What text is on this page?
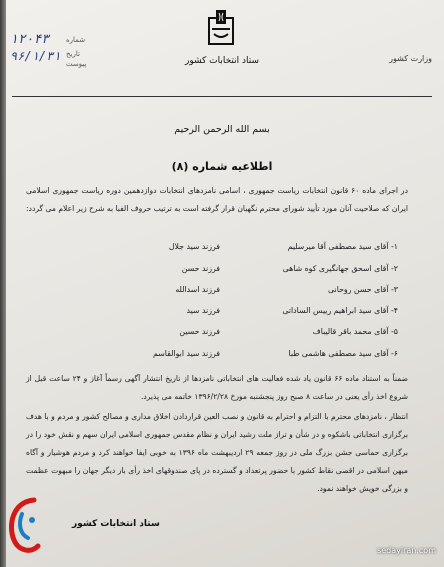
۱۲۰۴۳ شماره
۹۶/۱/۳۱ تاریخ
پیوست	ستاد انتخابات کشور	وزارت کشور
بسم الله الرحمن الرحیم
اطلاعیه شماره (۸)
در اجرای ماده ۶۰ قانون انتخابات ریاست جمهوری ، اسامی نامزدهای انتخابات دوازدهمین دوره ریاست جمهوری اسلامی ایران که صلاحیت آنان مورد تأیید شورای محترم نگهبان قرار گرفته است به ترتیب حروف الفبا به شرح زیر اعلام می گردد:
۱- آقای سید مصطفی آقا میرسلیم
فرزند سید جلال
۲- آقای اسحق جهانگیری کوه شاهی
فرزند حسن
۳- آقای حسن روحانی
فرزند اسدالله
۴- آقای سید ابراهیم رییس الساداتی
فرزند سید
۵- آقای محمد باقر قالیباف
فرزند حسین
۶- آقای سید مصطفی هاشمی طبا
فرزند سید ابوالقاسم
ضمناً به استناد ماده ۶۶ قانون یاد شده فعالیت های انتخاباتی نامزدها از تاریخ انتشار آگهی رسماً آغاز و ۲۴ ساعت قبل از شروع اخذ رأی یعنی در ساعت ۸ صبح روز پنجشنبه مورخ ۱۳۹۶/۲/۲۸ خاتمه می پذیرد.
انتظار ، نامزدهای محترم با التزام و احترام به قانون و نصب العین قراردادن اخلاق مداری و مصالح کشور و مردم و با هدف برگزاری انتخاباتی باشکوه و در شأن و تراز ملت رشید ایران و نظام مقدس جمهوری اسلامی ایران سهم و نقش خود را در برگزاری حماسی جشن بزرگ ملی در روز جمعه ۲۹ اردیبهشت ماه ۱۳۹۶ به خوبی ایفا خواهند کرد و مردم هوشیار و آگاه میهن اسلامی در اقصی نقاط کشور با حضور پرتعداد و گسترده در پای صندوقهای اخذ رأی بار دیگر جهان را مبهوت عظمت و بزرگی خویش خواهند نمود.
ستاد انتخابات کشور
sedayiran.com
